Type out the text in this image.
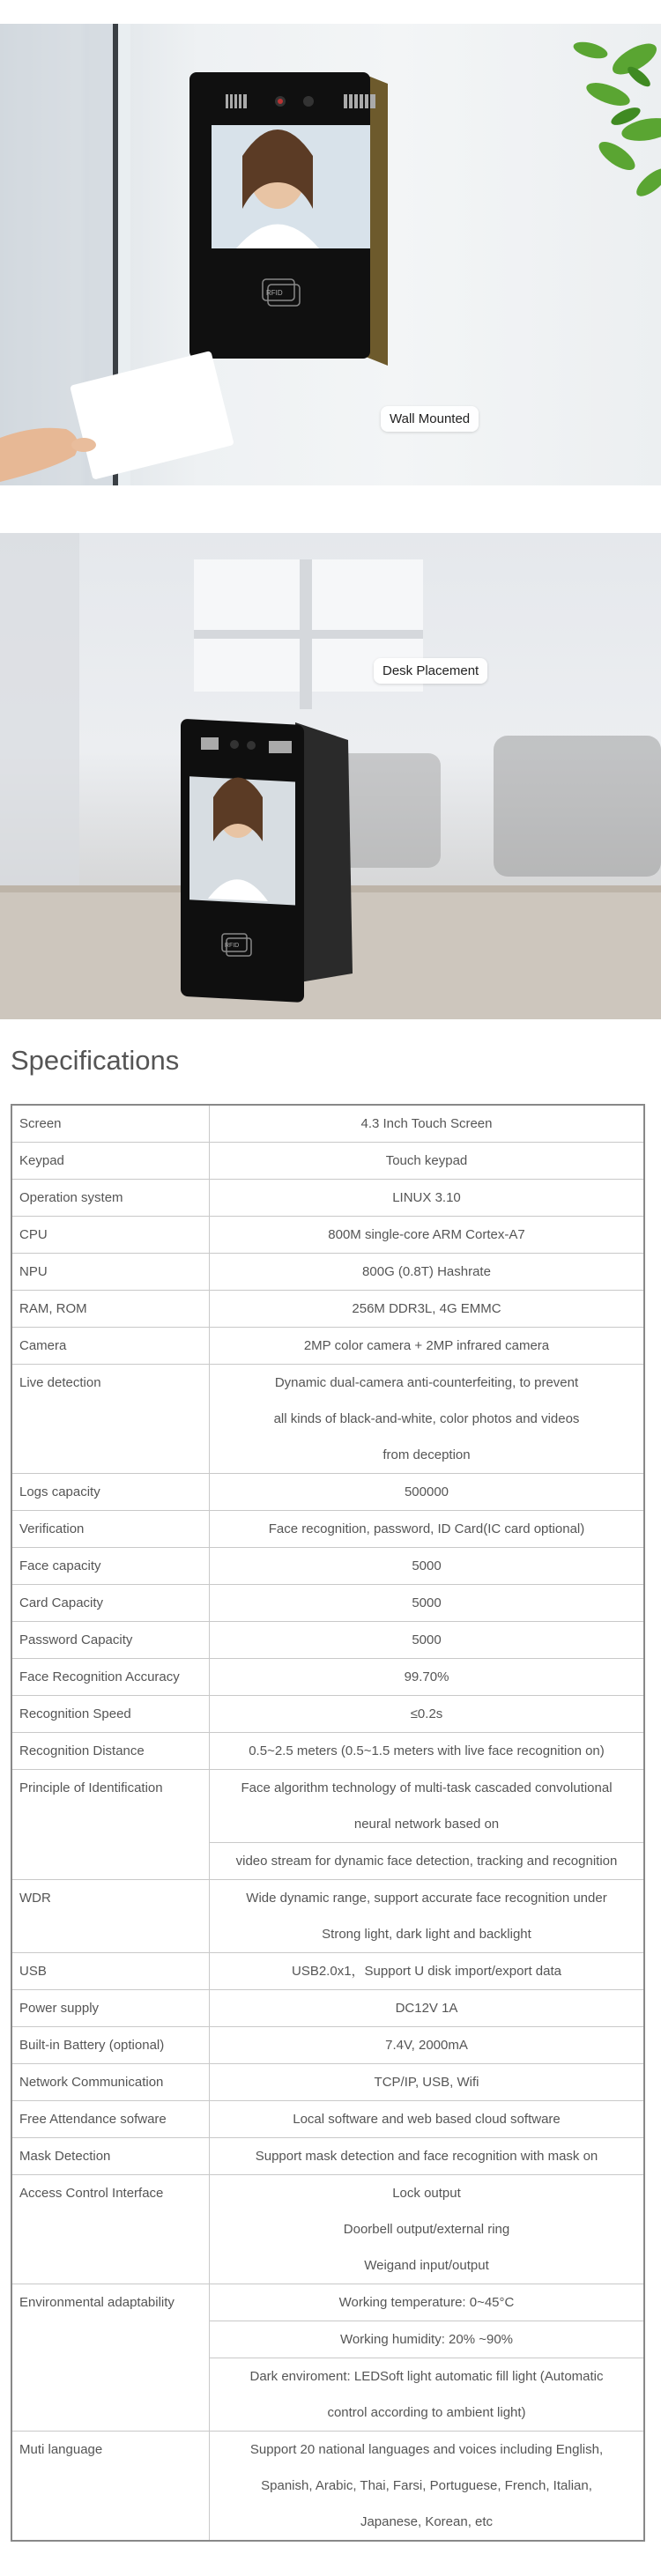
RFID
Wall Mounted
RFID
Desk Placement
Specifications
Screen	4.3 Inch Touch Screen

Keypad	Touch keypad

Operation system	LINUX 3.10

CPU	800M single-core ARM Cortex-A7

NPU	800G (0.8T) Hashrate

RAM, ROM	256M DDR3L, 4G EMMC

Camera	2MP color camera + 2MP infrared camera

Live detection	Dynamic dual-camera anti-counterfeiting, to prevent
all kinds of black-and-white, color photos and videos
from deception

Logs capacity	500000

Verification	Face recognition, password, ID Card(IC card optional)

Face capacity	5000

Card Capacity	5000

Password Capacity	5000

Face Recognition Accuracy	99.70%

Recognition Speed	≤0.2s

Recognition Distance	0.5~2.5 meters (0.5~1.5 meters with live face recognition on)

Principle of Identification	Face algorithm technology of multi-task cascaded convolutional
neural network based on

	video stream for dynamic face detection, tracking and recognition

WDR	Wide dynamic range, support accurate face recognition under
Strong light, dark light and backlight

USB	USB2.0x1，Support U disk import/export data

Power supply	DC12V 1A

Built-in Battery (optional)	7.4V, 2000mA

Network Communication	TCP/IP, USB, Wifi

Free Attendance sofware	Local software and web based cloud software

Mask Detection	Support mask detection and face recognition with mask on

Access Control Interface	Lock output
Doorbell output/external ring
Weigand input/output

Environmental adaptability	Working temperature: 0~45°C

	Working humidity: 20% ~90%

	Dark enviroment: LEDSoft light automatic fill light (Automatic
control according to ambient light)

Muti language	Support 20 national languages and voices including English,
Spanish, Arabic, Thai, Farsi, Portuguese, French, Italian,
Japanese, Korean, etc
